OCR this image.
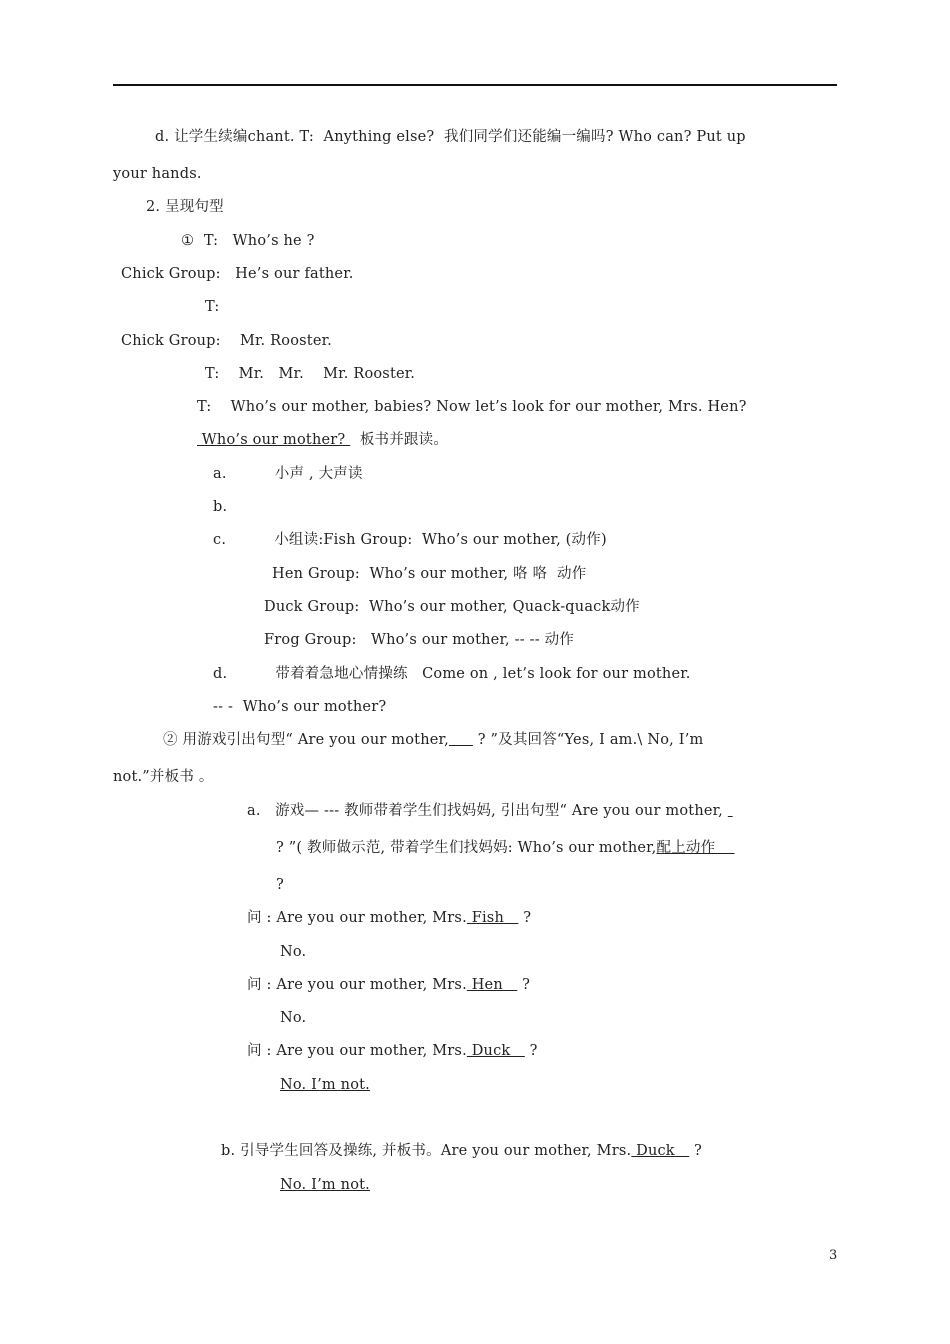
d. 让学生续编chant. T:  Anything else?  我们同学们还能编一编吗? Who can? Put up
your hands.
2. 呈现句型
①  T:   Who’s he ?
Chick Group:   He’s our father.
T:
Chick Group:    Mr. Rooster.
T:    Mr.   Mr.    Mr. Rooster.
T:    Who’s our mother, babies? Now let’s look for our mother, Mrs. Hen?
Who’s our mother?   板书并跟读。
a.          小声 , 大声读
b.
c.          小组读:Fish Group:  Who’s our mother, (动作)
Hen Group:  Who’s our mother, 咯 咯  动作
Duck Group:  Who’s our mother, Quack-quack动作
Frog Group:   Who’s our mother, -- -- 动作
d.          带着着急地心情操练   Come on , let’s look for our mother.
-- -  Who’s our mother?
② 用游戏引出句型“ Are you our mother,      ? ”及其回答“Yes, I am.\ No, I’m
not.”并板书 。
a.   游戏— --- 教师带着学生们找妈妈, 引出句型“ Are you our mother,
? ”( 教师做示范, 带着学生们找妈妈: Who’s our mother,配上动作
?
问 : Are you our mother, Mrs. Fish    ?
No.
问 : Are you our mother, Mrs. Hen    ?
No.
问 : Are you our mother, Mrs. Duck    ?
No. I’m not.
b. 引导学生回答及操练, 并板书。Are you our mother, Mrs. Duck    ?
No. I’m not.
3
